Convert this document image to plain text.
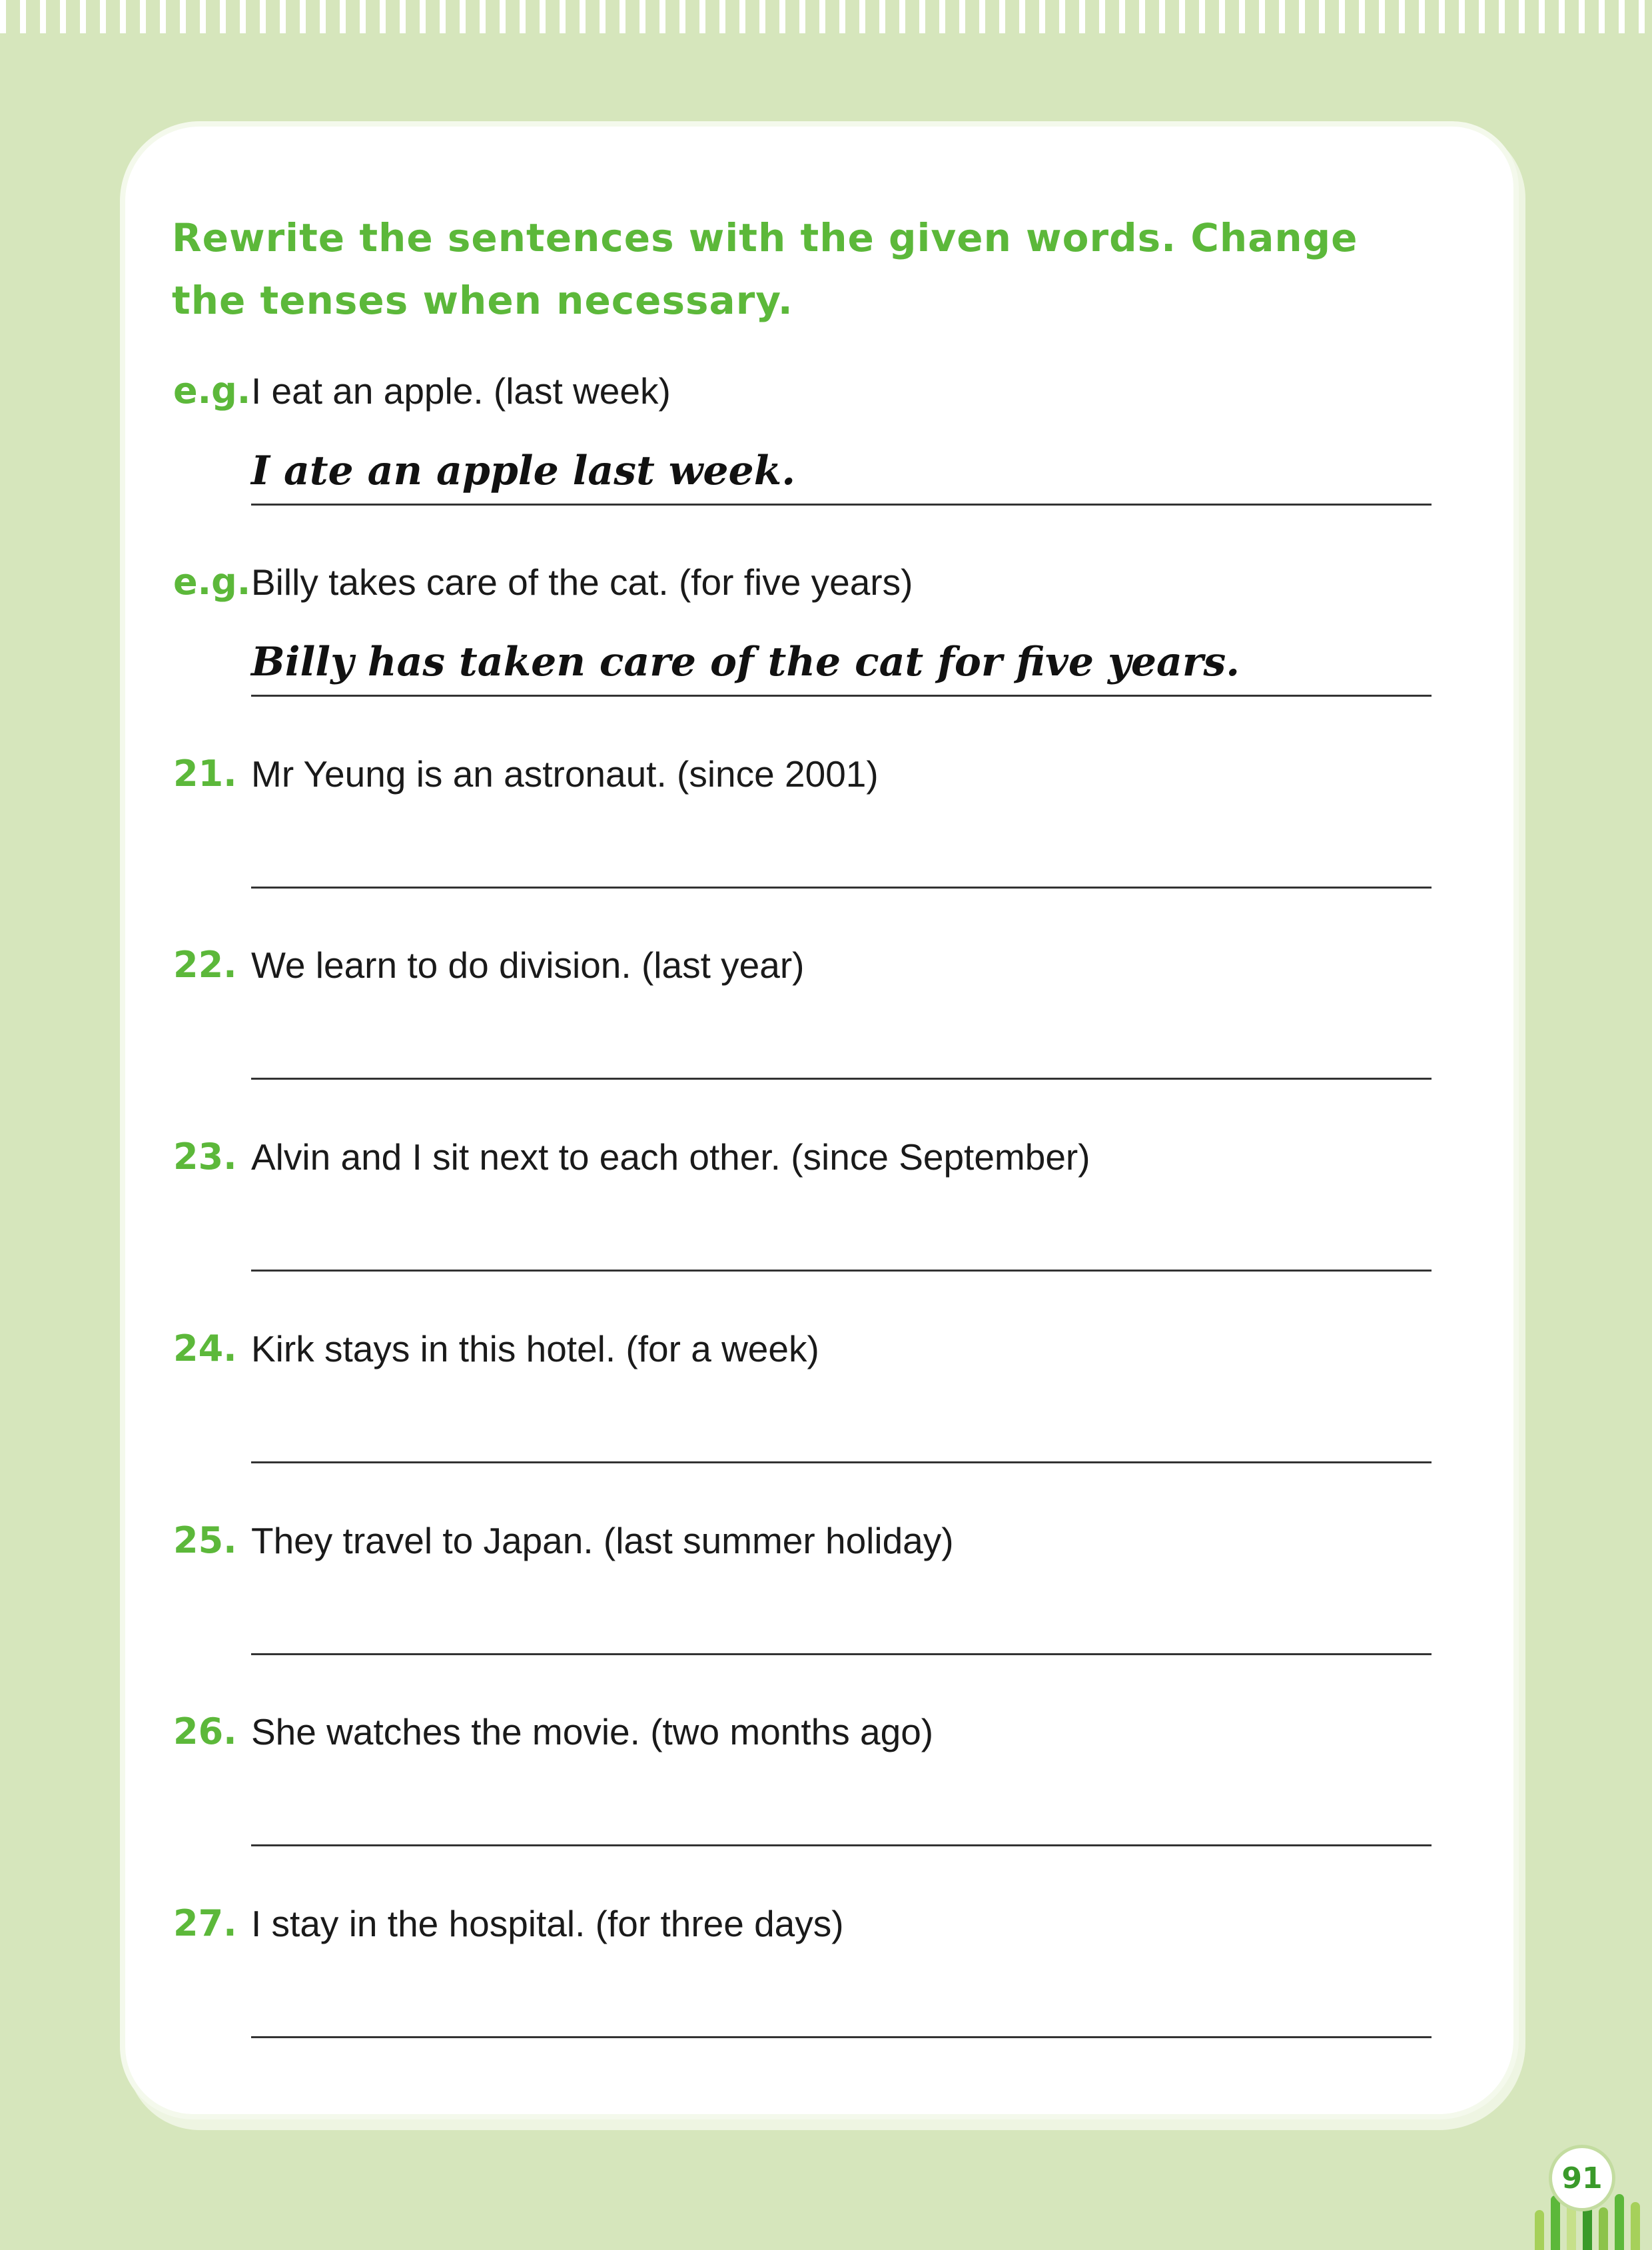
Rewrite the sentences with the given words. Change the tenses when necessary.
e.g. I eat an apple. (last week)
I ate an apple last week.
e.g. Billy takes care of the cat. (for five years)
Billy has taken care of the cat for five years.
21. Mr Yeung is an astronaut. (since 2001)
22. We learn to do division. (last year)
23. Alvin and I sit next to each other. (since September)
24. Kirk stays in this hotel. (for a week)
25. They travel to Japan. (last summer holiday)
26. She watches the movie. (two months ago)
27. I stay in the hospital. (for three days)
91
